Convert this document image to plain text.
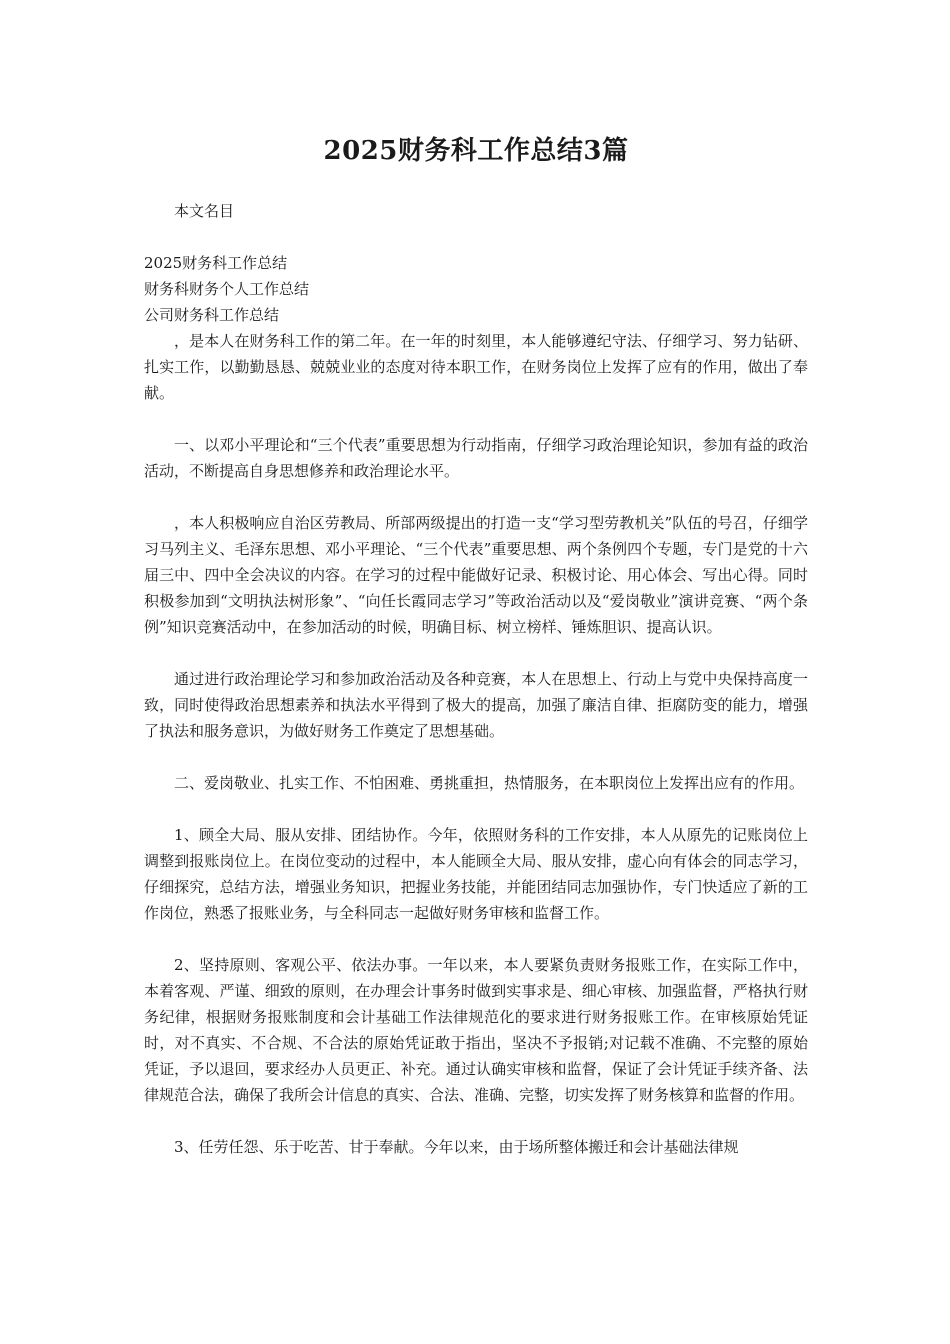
2025财务科工作总结3篇

本文名目

2025财务科工作总结

财务科财务个人工作总结

公司财务科工作总结

，是本人在财务科工作的第二年。在一年的时刻里，本人能够遵纪守法、仔细学习、努力钻研、扎实工作，以勤勤恳恳、兢兢业业的态度对待本职工作，在财务岗位上发挥了应有的作用，做出了奉献。

一、以邓小平理论和“三个代表”重要思想为行动指南，仔细学习政治理论知识，参加有益的政治活动，不断提高自身思想修养和政治理论水平。

，本人积极响应自治区劳教局、所部两级提出的打造一支“学习型劳教机关”队伍的号召，仔细学习马列主义、毛泽东思想、邓小平理论、“三个代表”重要思想、两个条例四个专题，专门是党的十六届三中、四中全会决议的内容。在学习的过程中能做好记录、积极讨论、用心体会、写出心得。同时积极参加到“文明执法树形象”、“向任长霞同志学习”等政治活动以及“爱岗敬业”演讲竞赛、“两个条例”知识竞赛活动中，在参加活动的时候，明确目标、树立榜样、锤炼胆识、提高认识。

通过进行政治理论学习和参加政治活动及各种竞赛，本人在思想上、行动上与党中央保持高度一致，同时使得政治思想素养和执法水平得到了极大的提高，加强了廉洁自律、拒腐防变的能力，增强了执法和服务意识，为做好财务工作奠定了思想基础。

二、爱岗敬业、扎实工作、不怕困难、勇挑重担，热情服务，在本职岗位上发挥出应有的作用。

1、顾全大局、服从安排、团结协作。今年，依照财务科的工作安排，本人从原先的记账岗位上调整到报账岗位上。在岗位变动的过程中，本人能顾全大局、服从安排，虚心向有体会的同志学习，仔细探究，总结方法，增强业务知识，把握业务技能，并能团结同志加强协作，专门快适应了新的工作岗位，熟悉了报账业务，与全科同志一起做好财务审核和监督工作。

2、坚持原则、客观公平、依法办事。一年以来，本人要紧负责财务报账工作，在实际工作中，本着客观、严谨、细致的原则，在办理会计事务时做到实事求是、细心审核、加强监督，严格执行财务纪律，根据财务报账制度和会计基础工作法律规范化的要求进行财务报账工作。在审核原始凭证时，对不真实、不合规、不合法的原始凭证敢于指出，坚决不予报销;对记载不准确、不完整的原始凭证，予以退回，要求经办人员更正、补充。通过认确实审核和监督，保证了会计凭证手续齐备、法律规范合法，确保了我所会计信息的真实、合法、准确、完整，切实发挥了财务核算和监督的作用。

3、任劳任怨、乐于吃苦、甘于奉献。今年以来，由于场所整体搬迁和会计基础法律规
